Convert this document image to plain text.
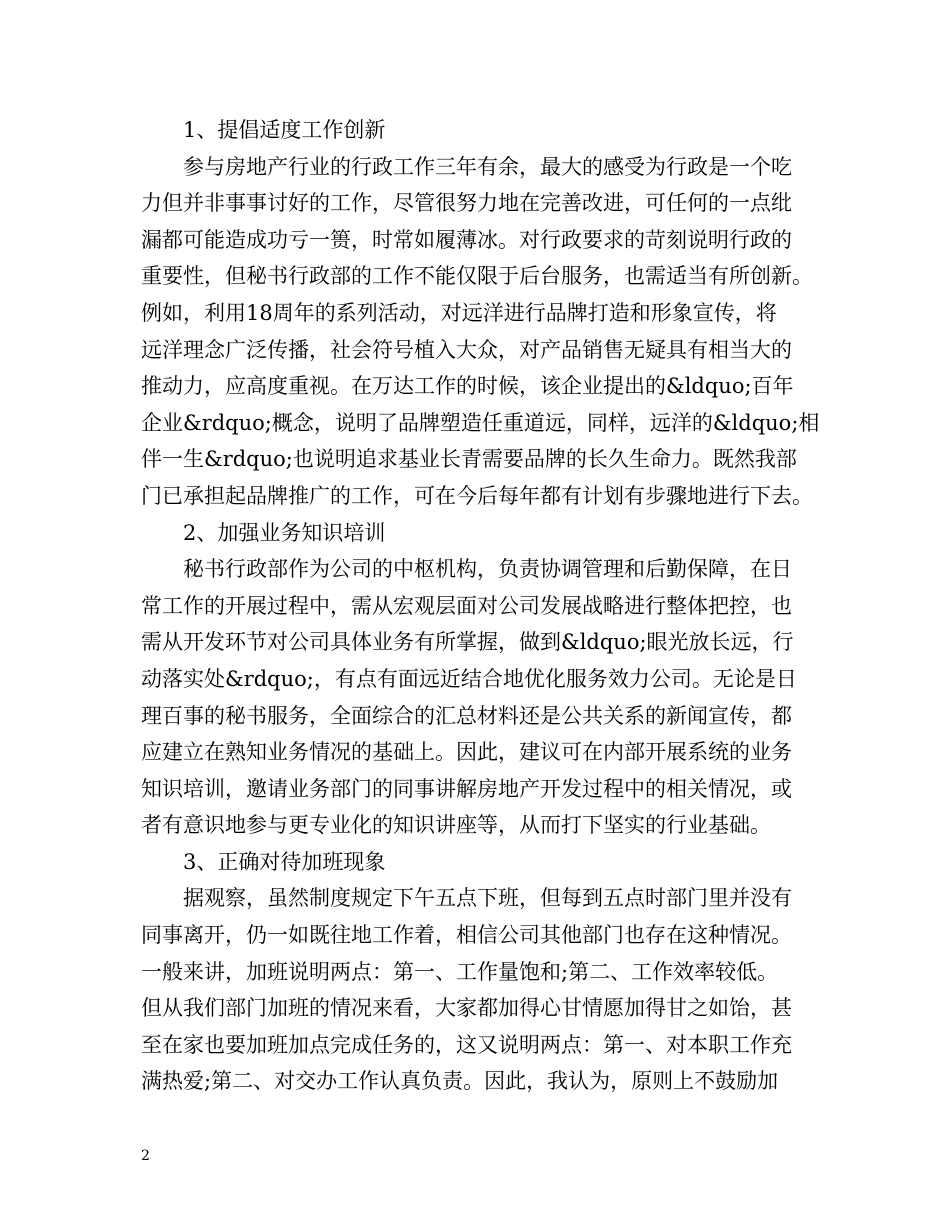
1、提倡适度工作创新
参与房地产行业的行政工作三年有余，最大的感受为行政是一个吃
力但并非事事讨好的工作，尽管很努力地在完善改进，可任何的一点纰
漏都可能造成功亏一篑，时常如履薄冰。对行政要求的苛刻说明行政的
重要性，但秘书行政部的工作不能仅限于后台服务，也需适当有所创新。
例如，利用18周年的系列活动，对远洋进行品牌打造和形象宣传，将
远洋理念广泛传播，社会符号植入大众，对产品销售无疑具有相当大的
推动力，应高度重视。在万达工作的时候，该企业提出的&ldquo;百年
企业&rdquo;概念，说明了品牌塑造任重道远，同样，远洋的&ldquo;相
伴一生&rdquo;也说明追求基业长青需要品牌的长久生命力。既然我部
门已承担起品牌推广的工作，可在今后每年都有计划有步骤地进行下去。
2、加强业务知识培训
秘书行政部作为公司的中枢机构，负责协调管理和后勤保障，在日
常工作的开展过程中，需从宏观层面对公司发展战略进行整体把控，也
需从开发环节对公司具体业务有所掌握，做到&ldquo;眼光放长远，行
动落实处&rdquo;，有点有面远近结合地优化服务效力公司。无论是日
理百事的秘书服务，全面综合的汇总材料还是公共关系的新闻宣传，都
应建立在熟知业务情况的基础上。因此，建议可在内部开展系统的业务
知识培训，邀请业务部门的同事讲解房地产开发过程中的相关情况，或
者有意识地参与更专业化的知识讲座等，从而打下坚实的行业基础。
3、正确对待加班现象
据观察，虽然制度规定下午五点下班，但每到五点时部门里并没有
同事离开，仍一如既往地工作着，相信公司其他部门也存在这种情况。
一般来讲，加班说明两点：第一、工作量饱和;第二、工作效率较低。
但从我们部门加班的情况来看，大家都加得心甘情愿加得甘之如饴，甚
至在家也要加班加点完成任务的，这又说明两点：第一、对本职工作充
满热爱;第二、对交办工作认真负责。因此，我认为，原则上不鼓励加
2
